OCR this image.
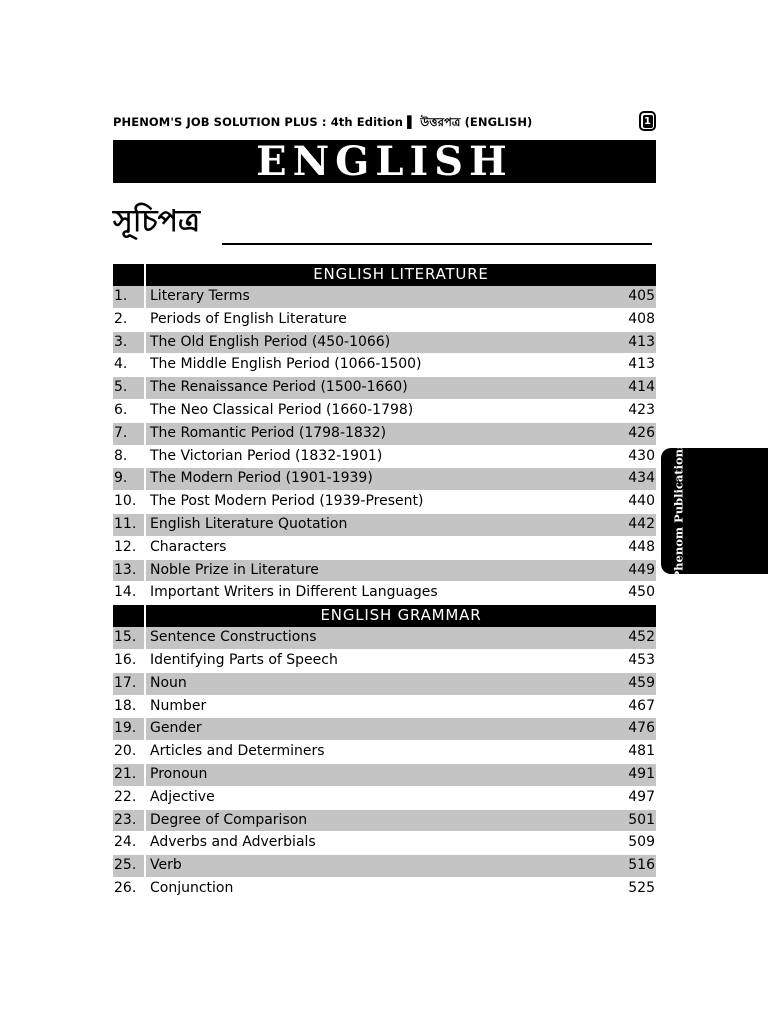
PHENOM'S JOB SOLUTION PLUS : 4th Edition ▌ উত্তরপত্র (ENGLISH)	1
ENGLISH
সূচিপত্র
	ENGLISH LITERATURE	
1.	Literary Terms	405
2.	Periods of English Literature	408
3.	The Old English Period (450-1066)	413
4.	The Middle English Period (1066-1500)	413
5.	The Renaissance Period (1500-1660)	414
6.	The Neo Classical Period (1660-1798)	423
7.	The Romantic Period (1798-1832)	426
8.	The Victorian Period (1832-1901)	430
9.	The Modern Period (1901-1939)	434
10.	The Post Modern Period (1939-Present)	440
11.	English Literature Quotation	442
12.	Characters	448
13.	Noble Prize in Literature	449
14.	Important Writers in Different Languages	450
	ENGLISH GRAMMAR	
15.	Sentence Constructions	452
16.	Identifying Parts of Speech	453
17.	Noun	459
18.	Number	467
19.	Gender	476
20.	Articles and Determiners	481
21.	Pronoun	491
22.	Adjective	497
23.	Degree of Comparison	501
24.	Adverbs and Adverbials	509
25.	Verb	516
26.	Conjunction	525
Phenom Publications
